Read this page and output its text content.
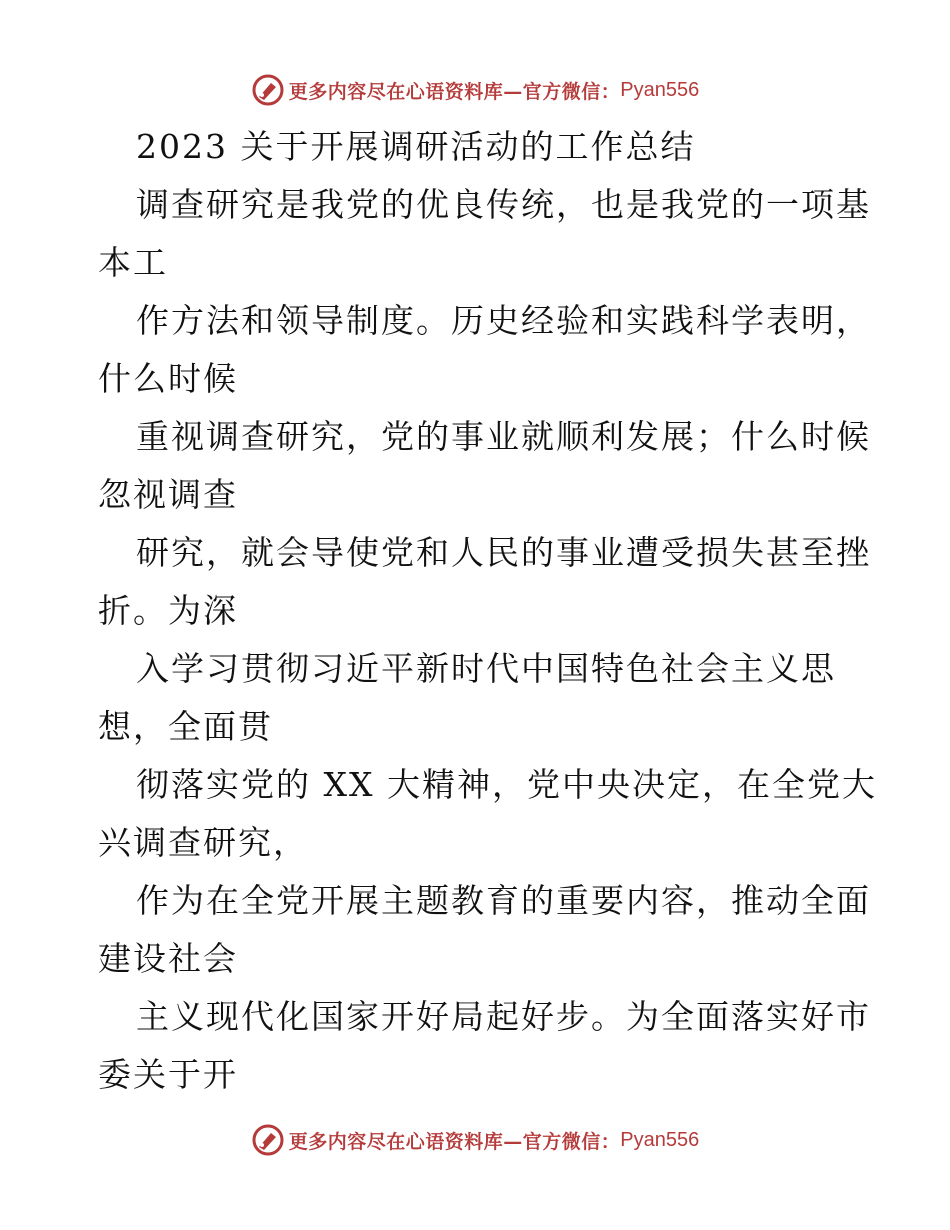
更多内容尽在心语资料库—官方微信： Pyan556
2023 关于开展调研活动的工作总结
调查研究是我党的优良传统，也是我党的一项基
本工
作方法和领导制度。历史经验和实践科学表明，
什么时候
重视调查研究，党的事业就顺利发展；什么时候
忽视调查
研究，就会导使党和人民的事业遭受损失甚至挫
折。为深
入学习贯彻习近平新时代中国特色社会主义思
想，全面贯
彻落实党的 XX 大精神，党中央决定，在全党大
兴调查研究，
作为在全党开展主题教育的重要内容，推动全面
建设社会
主义现代化国家开好局起好步。为全面落实好市
委关于开
更多内容尽在心语资料库—官方微信： Pyan556
